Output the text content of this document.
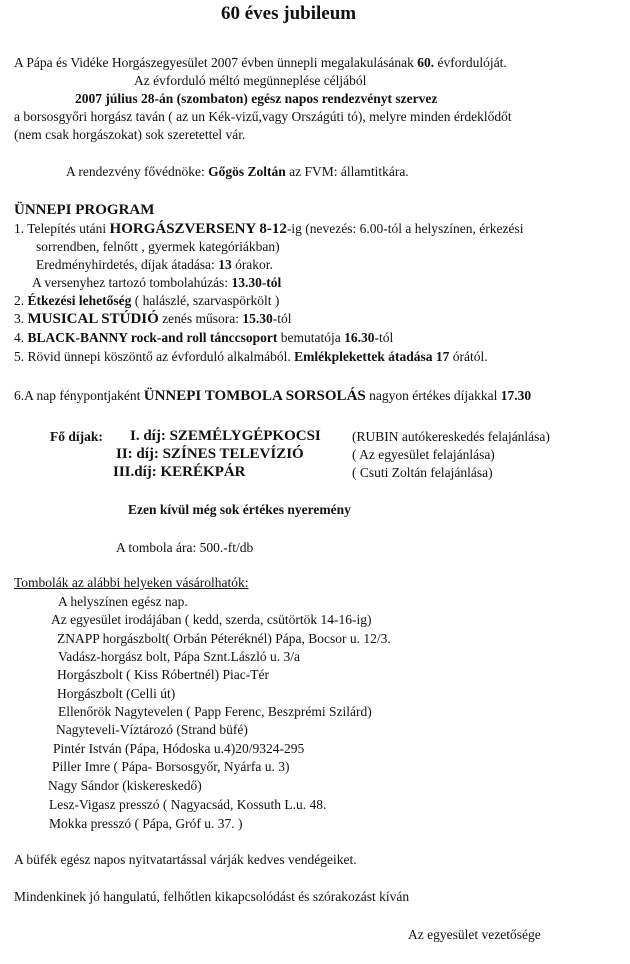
60 éves jubileum
A Pápa és Vidéke Horgászegyesület 2007 évben ünnepli megalakulásának 60. évfordulóját.
Az évforduló méltó megünneplése céljából
2007 július 28-án (szombaton) egész napos rendezvényt szervez
a borsosgyőri horgász taván ( az un Kék-vizű,vagy Országúti tó), melyre minden érdeklődőt
(nem csak horgászokat) sok szeretettel vár.
A rendezvény fővédnöke: Gőgös Zoltán az FVM: államtitkára.
ÜNNEPI PROGRAM
1. Telepítés utáni HORGÁSZVERSENY 8-12-ig (nevezés: 6.00-tól a helyszínen, érkezési
sorrendben, felnőtt , gyermek kategóriákban)
Eredményhirdetés, díjak átadása: 13 órakor.
A versenyhez tartozó tombolahúzás: 13.30-tól
2. Étkezési lehetőség ( halászlé, szarvaspörkölt )
3. MUSICAL STÚDIÓ zenés műsora: 15.30-tól
4. BLACK-BANNY rock-and roll táncсsoport bemutatója 16.30-tól
5. Rövid ünnepi köszöntő az évforduló alkalmából. Emlékplekettek átadása 17 órától.
6.A nap fénypontjaként ÜNNEPI TOMBOLA SORSOLÁS nagyon értékes díjakkal 17.30
Fő díjak: I. díj: SZEMÉLYGÉPKOCSI (RUBIN autókereskedés felajánlása)
II: díj: SZÍNES TELEVÍZIÓ	( Az egyesület felajánlása)
III.díj: KERÉKPÁR	( Csuti Zoltán felajánlása)
Ezen kívül még sok értékes nyeremény
A tombola ára: 500.-ft/db
Tombolák az alábbi helyeken vásárolhatók:
A helyszínen egész nap.
Az egyesület irodájában ( kedd, szerda, csütörtök 14-16-ig)
ZNAPP horgászbolt( Orbán Péteréknél) Pápa, Bocsor u. 12/3.
Vadász-horgász bolt, Pápa Sznt.László u. 3/a
Horgászbolt ( Kiss Róbertnél) Piac-Tér
Horgászbolt (Celli út)
Ellenőrök Nagytevelen ( Papp Ferenc, Beszprémi Szilárd)
Nagyteveli-Víztározó (Strand büfé)
Pintér István (Pápa, Hódoska u.4)20/9324-295
Piller Imre ( Pápa- Borsosgyőr, Nyárfa u. 3)
Nagy Sándor (kiskereskedő)
Lesz-Vigasz presszó ( Nagyacsád, Kossuth L.u. 48.
Mokka presszó ( Pápa, Gróf u. 37. )
A büfék egész napos nyitvatartással várják kedves vendégeiket.
Mindenkinek jó hangulatú, felhőtlen kikapcsolódást és szórakozást kíván
Az egyesület vezetősége
